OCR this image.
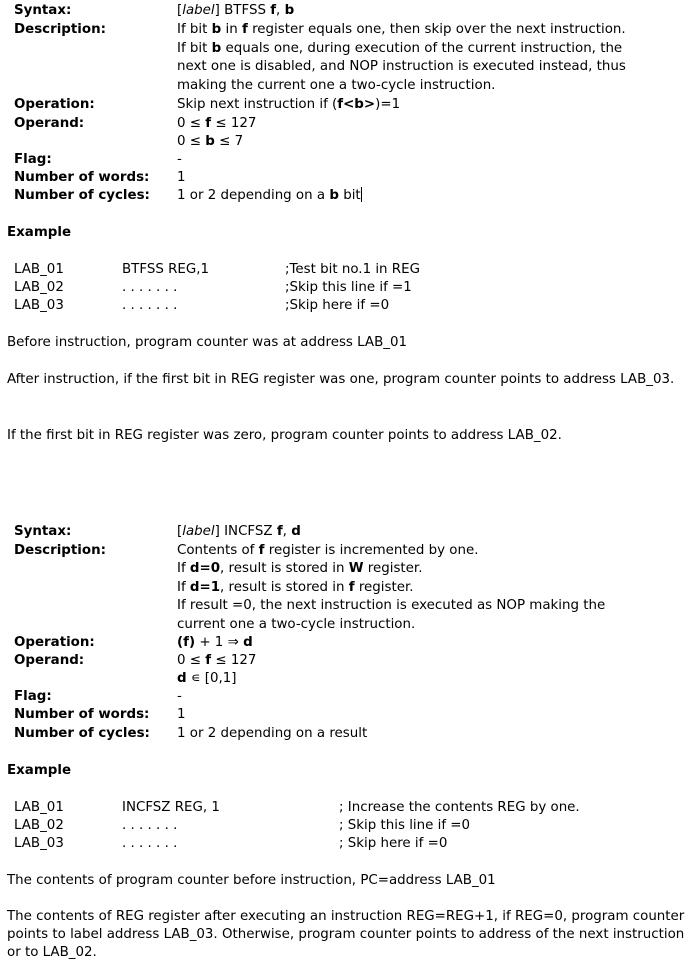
Syntax:	[label] BTFSS f, b
Description:	If bit b in f register equals one, then skip over the next instruction.
If bit b equals one, during execution of the current instruction, the
next one is disabled, and NOP instruction is executed instead, thus
making the current one a two-cycle instruction.
Operation:	Skip next instruction if (f<b>)=1
Operand:	0 ≤ f ≤ 127
0 ≤ b ≤ 7
Flag:	-
Number of words: 1
Number of cycles: 1 or 2 depending on a b bit
Example
LAB_01	BTFSS REG,1	;Test bit no.1 in REG
LAB_02	. . . . . . .	;Skip this line if =1
LAB_03	. . . . . . .	;Skip here if =0
Before instruction, program counter was at address LAB_01
After instruction, if the first bit in REG register was one, program counter points to address LAB_03.
If the first bit in REG register was zero, program counter points to address LAB_02.
Syntax:	[label] INCFSZ f, d
Description:	Contents of f register is incremented by one.
If d=0, result is stored in W register.
If d=1, result is stored in f register.
If result =0, the next instruction is executed as NOP making the
current one a two-cycle instruction.
Operation:	(f) + 1 ⇒ d
Operand:	0 ≤ f ≤ 127
d ∊ [0,1]
Flag:	-
Number of words: 1
Number of cycles: 1 or 2 depending on a result
Example
LAB_01	INCFSZ REG, 1	; Increase the contents REG by one.
LAB_02	. . . . . . .	; Skip this line if =0
LAB_03	. . . . . . .	; Skip here if =0
The contents of program counter before instruction, PC=address LAB_01
The contents of REG register after executing an instruction REG=REG+1, if REG=0, program counter points to label address LAB_03. Otherwise, program counter points to address of the next instruction or to LAB_02.
